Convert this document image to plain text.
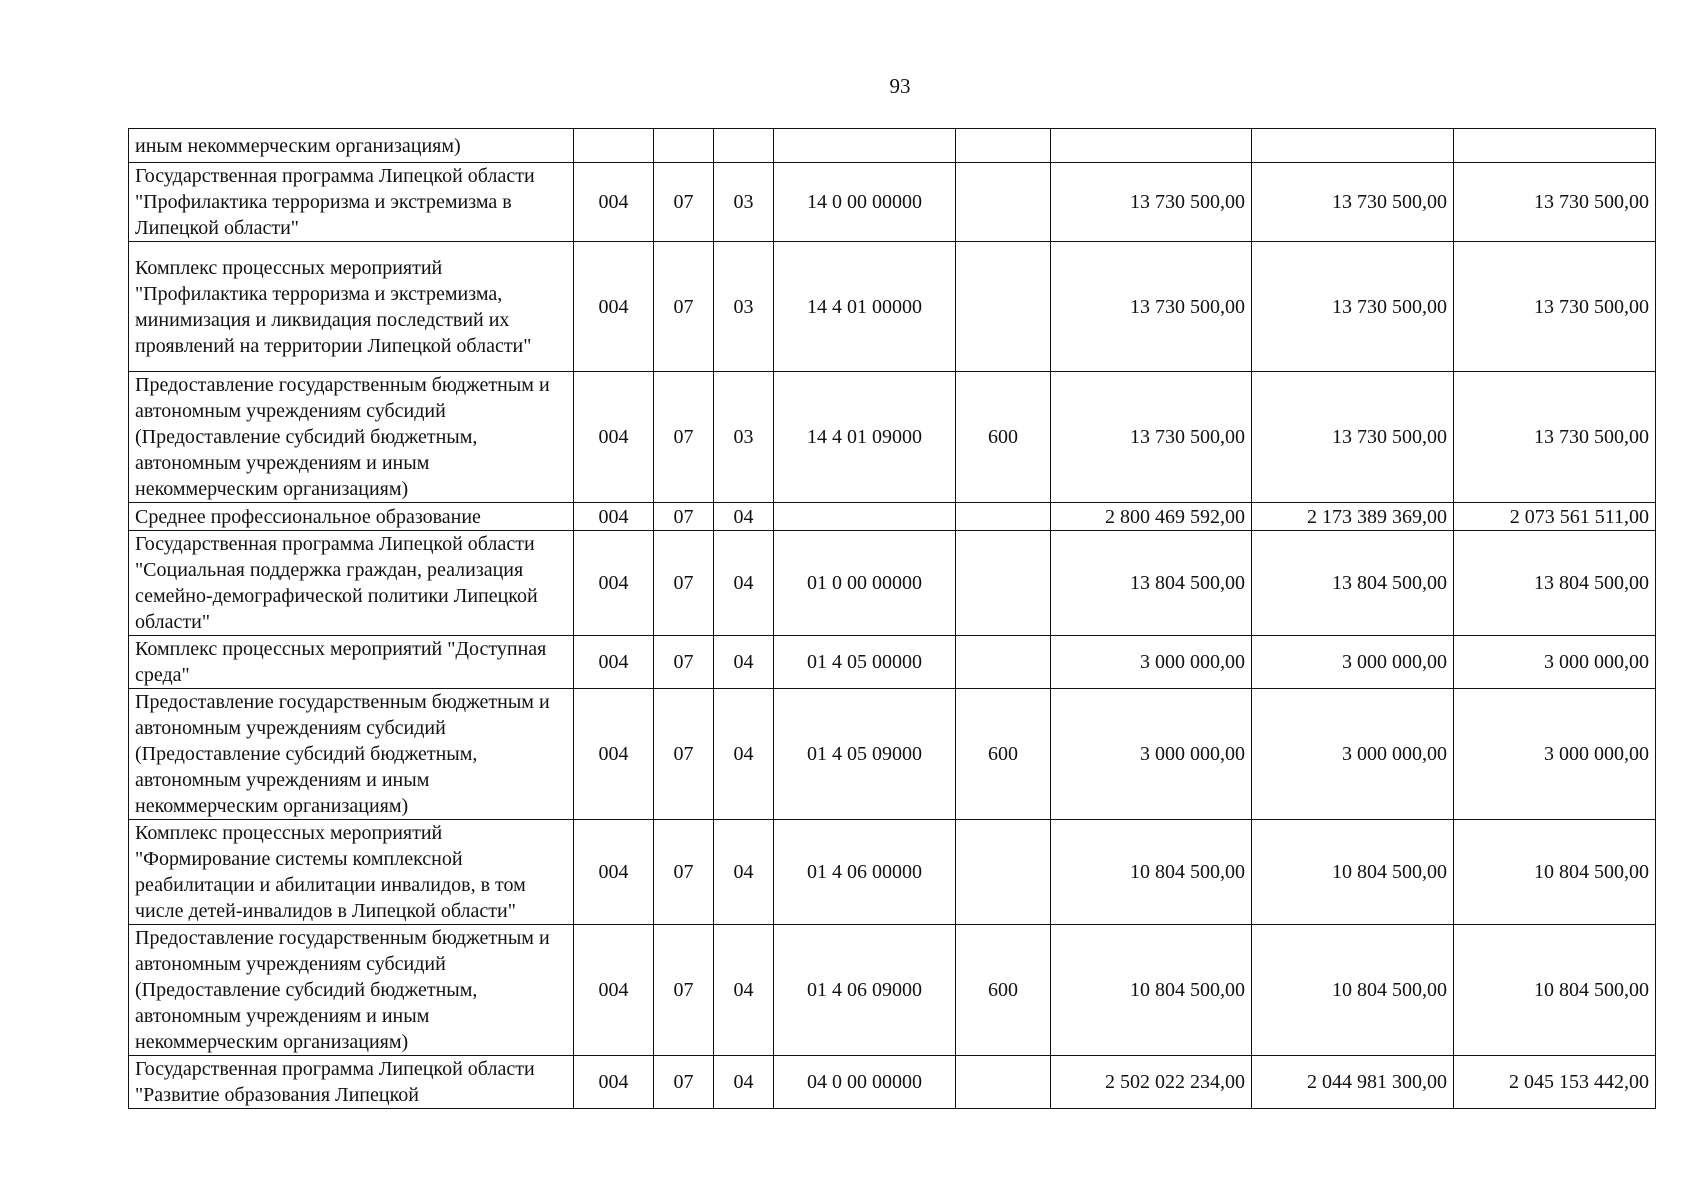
93
иным некоммерческим организациям)								
Государственная программа Липецкой области "Профилактика терроризма и экстремизма в Липецкой области"	004	07	03	14 0 00 00000		13 730 500,00	13 730 500,00	13 730 500,00
Комплекс процессных мероприятий "Профилактика терроризма и экстремизма, минимизация и ликвидация последствий их проявлений на территории Липецкой области"	004	07	03	14 4 01 00000		13 730 500,00	13 730 500,00	13 730 500,00
Предоставление государственным бюджетным и автономным учреждениям субсидий (Предоставление субсидий бюджетным, автономным учреждениям и иным некоммерческим организациям)	004	07	03	14 4 01 09000	600	13 730 500,00	13 730 500,00	13 730 500,00
Среднее профессиональное образование	004	07	04			2 800 469 592,00	2 173 389 369,00	2 073 561 511,00
Государственная программа Липецкой области "Социальная поддержка граждан, реализация семейно-демографической политики Липецкой области"	004	07	04	01 0 00 00000		13 804 500,00	13 804 500,00	13 804 500,00
Комплекс процессных мероприятий "Доступная среда"	004	07	04	01 4 05 00000		3 000 000,00	3 000 000,00	3 000 000,00
Предоставление государственным бюджетным и автономным учреждениям субсидий (Предоставление субсидий бюджетным, автономным учреждениям и иным некоммерческим организациям)	004	07	04	01 4 05 09000	600	3 000 000,00	3 000 000,00	3 000 000,00
Комплекс процессных мероприятий "Формирование системы комплексной реабилитации и абилитации инвалидов, в том числе детей-инвалидов в Липецкой области"	004	07	04	01 4 06 00000		10 804 500,00	10 804 500,00	10 804 500,00
Предоставление государственным бюджетным и автономным учреждениям субсидий (Предоставление субсидий бюджетным, автономным учреждениям и иным некоммерческим организациям)	004	07	04	01 4 06 09000	600	10 804 500,00	10 804 500,00	10 804 500,00
Государственная программа Липецкой области "Развитие образования Липецкой	004	07	04	04 0 00 00000		2 502 022 234,00	2 044 981 300,00	2 045 153 442,00
